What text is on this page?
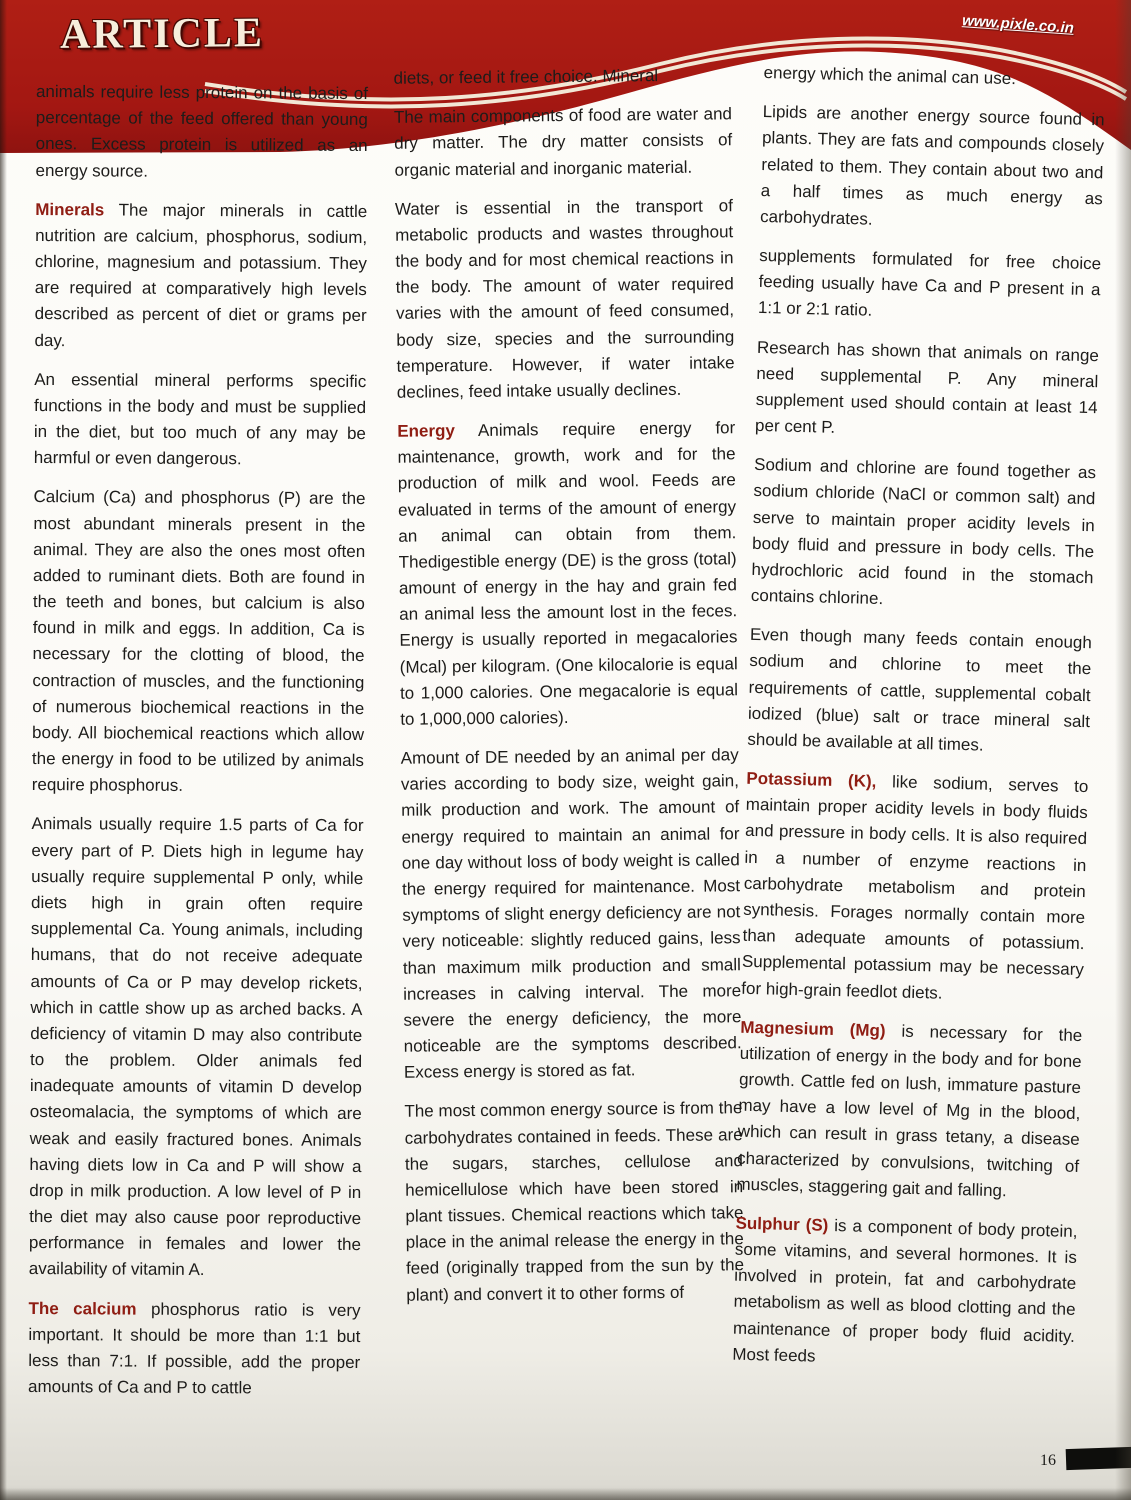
ARTICLE	www.pixle.co.in

animals require less protein on the basis of percentage of the feed offered than young ones. Excess protein is utilized as an energy source.

Minerals The major minerals in cattle nutrition are calcium, phosphorus, sodium, chlorine, magnesium and potassium. They are required at comparatively high levels described as percent of diet or grams per day.

An essential mineral performs specific functions in the body and must be supplied in the diet, but too much of any may be harmful or even dangerous.

Calcium (Ca) and phosphorus (P) are the most abundant minerals present in the animal. They are also the ones most often added to ruminant diets. Both are found in the teeth and bones, but calcium is also found in milk and eggs. In addition, Ca is necessary for the clotting of blood, the contraction of muscles, and the functioning of numerous biochemical reactions in the body. All biochemical reactions which allow the energy in food to be utilized by animals require phosphorus.

Animals usually require 1.5 parts of Ca for every part of P. Diets high in legume hay usually require supplemental P only, while diets high in grain often require supplemental Ca. Young animals, including humans, that do not receive adequate amounts of Ca or P may develop rickets, which in cattle show up as arched backs. A deficiency of vitamin D may also contribute to the problem. Older animals fed inadequate amounts of vitamin D develop osteomalacia, the symptoms of which are weak and easily fractured bones. Animals having diets low in Ca and P will show a drop in milk production. A low level of P in the diet may also cause poor reproductive performance in females and lower the availability of vitamin A.

The calcium phosphorus ratio is very important. It should be more than 1:1 but less than 7:1. If possible, add the proper amounts of Ca and P to cattle

diets, or feed it free choice. Mineral

The main components of food are water and dry matter. The dry matter consists of organic material and inorganic material.

Water is essential in the transport of metabolic products and wastes throughout the body and for most chemical reactions in the body. The amount of water required varies with the amount of feed consumed, body size, species and the surrounding temperature. However, if water intake declines, feed intake usually declines.

Energy Animals require energy for maintenance, growth, work and for the production of milk and wool. Feeds are evaluated in terms of the amount of energy an animal can obtain from them. Thedigestible energy (DE) is the gross (total) amount of energy in the hay and grain fed an animal less the amount lost in the feces. Energy is usually reported in megacalories (Mcal) per kilogram. (One kilocalorie is equal to 1,000 calories. One megacalorie is equal to 1,000,000 calories).

Amount of DE needed by an animal per day varies according to body size, weight gain, milk production and work. The amount of energy required to maintain an animal for one day without loss of body weight is called the energy required for maintenance. Most symptoms of slight energy deficiency are not very noticeable: slightly reduced gains, less than maximum milk production and small increases in calving interval. The more severe the energy deficiency, the more noticeable are the symptoms described. Excess energy is stored as fat.

The most common energy source is from the carbohydrates contained in feeds. These are the sugars, starches, cellulose and hemicellulose which have been stored in plant tissues. Chemical reactions which take place in the animal release the energy in the feed (originally trapped from the sun by the plant) and convert it to other forms of

energy which the animal can use.

Lipids are another energy source found in plants. They are fats and compounds closely related to them. They contain about two and a half times as much energy as carbohydrates.

supplements formulated for free choice feeding usually have Ca and P present in a 1:1 or 2:1 ratio.

Research has shown that animals on range need supplemental P. Any mineral supplement used should contain at least 14 per cent P.

Sodium and chlorine are found together as sodium chloride (NaCl or common salt) and serve to maintain proper acidity levels in body fluid and pressure in body cells. The hydrochloric acid found in the stomach contains chlorine.

Even though many feeds contain enough sodium and chlorine to meet the requirements of cattle, supplemental cobalt iodized (blue) salt or trace mineral salt should be available at all times.

Potassium (K), like sodium, serves to maintain proper acidity levels in body fluids and pressure in body cells. It is also required in a number of enzyme reactions in carbohydrate metabolism and protein synthesis. Forages normally contain more than adequate amounts of potassium. Supplemental potassium may be necessary for high-grain feedlot diets.

Magnesium (Mg) is necessary for the utilization of energy in the body and for bone growth. Cattle fed on lush, immature pasture may have a low level of Mg in the blood, which can result in grass tetany, a disease characterized by convulsions, twitching of muscles, staggering gait and falling.

Sulphur (S) is a component of body protein, some vitamins, and several hormones. It is involved in protein, fat and carbohydrate metabolism as well as blood clotting and the maintenance of proper body fluid acidity. Most feeds

16
